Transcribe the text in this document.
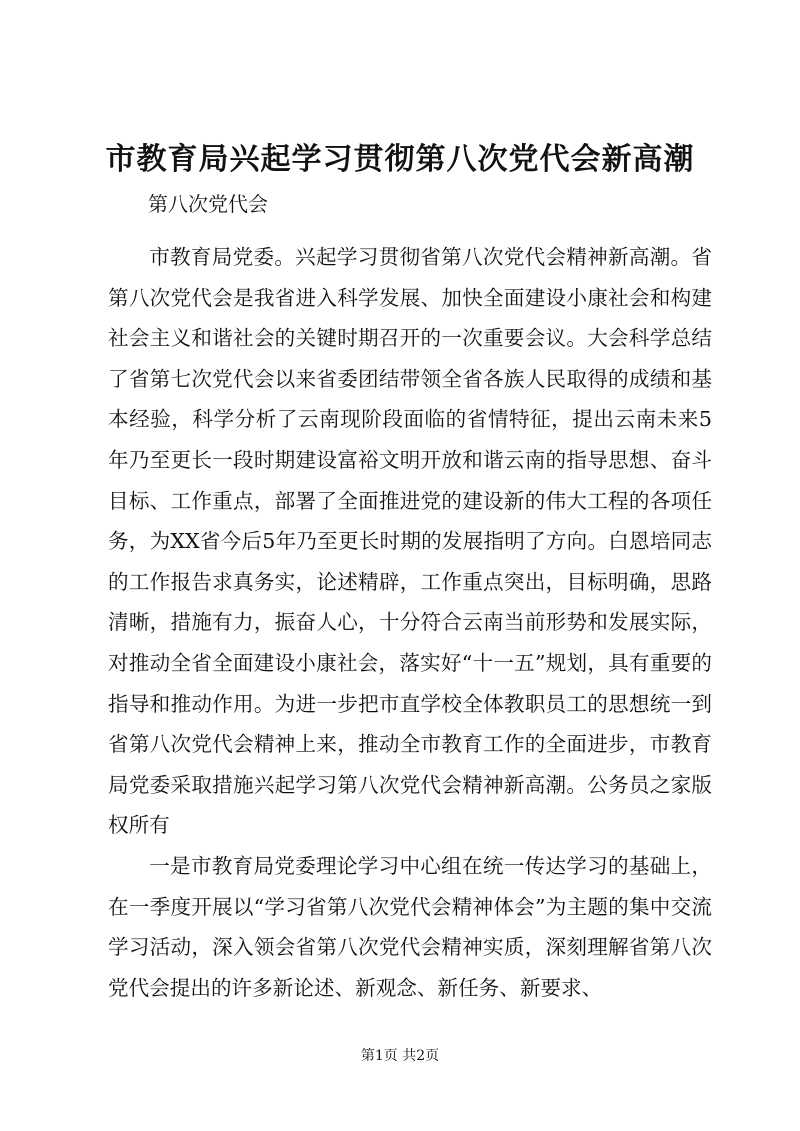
市教育局兴起学习贯彻第八次党代会新高潮

第八次党代会

市教育局党委。兴起学习贯彻省第八次党代会精神新高潮。省第八次党代会是我省进入科学发展、加快全面建设小康社会和构建社会主义和谐社会的关键时期召开的一次重要会议。大会科学总结了省第七次党代会以来省委团结带领全省各族人民取得的成绩和基本经验，科学分析了云南现阶段面临的省情特征，提出云南未来5年乃至更长一段时期建设富裕文明开放和谐云南的指导思想、奋斗目标、工作重点，部署了全面推进党的建设新的伟大工程的各项任务，为XX省今后5年乃至更长时期的发展指明了方向。白恩培同志的工作报告求真务实，论述精辟，工作重点突出，目标明确，思路清晰，措施有力，振奋人心，十分符合云南当前形势和发展实际，对推动全省全面建设小康社会，落实好“十一五”规划，具有重要的指导和推动作用。为进一步把市直学校全体教职员工的思想统一到省第八次党代会精神上来，推动全市教育工作的全面进步，市教育局党委采取措施兴起学习第八次党代会精神新高潮。公务员之家版权所有

一是市教育局党委理论学习中心组在统一传达学习的基础上，在一季度开展以“学习省第八次党代会精神体会”为主题的集中交流学习活动，深入领会省第八次党代会精神实质，深刻理解省第八次党代会提出的许多新论述、新观念、新任务、新要求、

第1页 共2页
